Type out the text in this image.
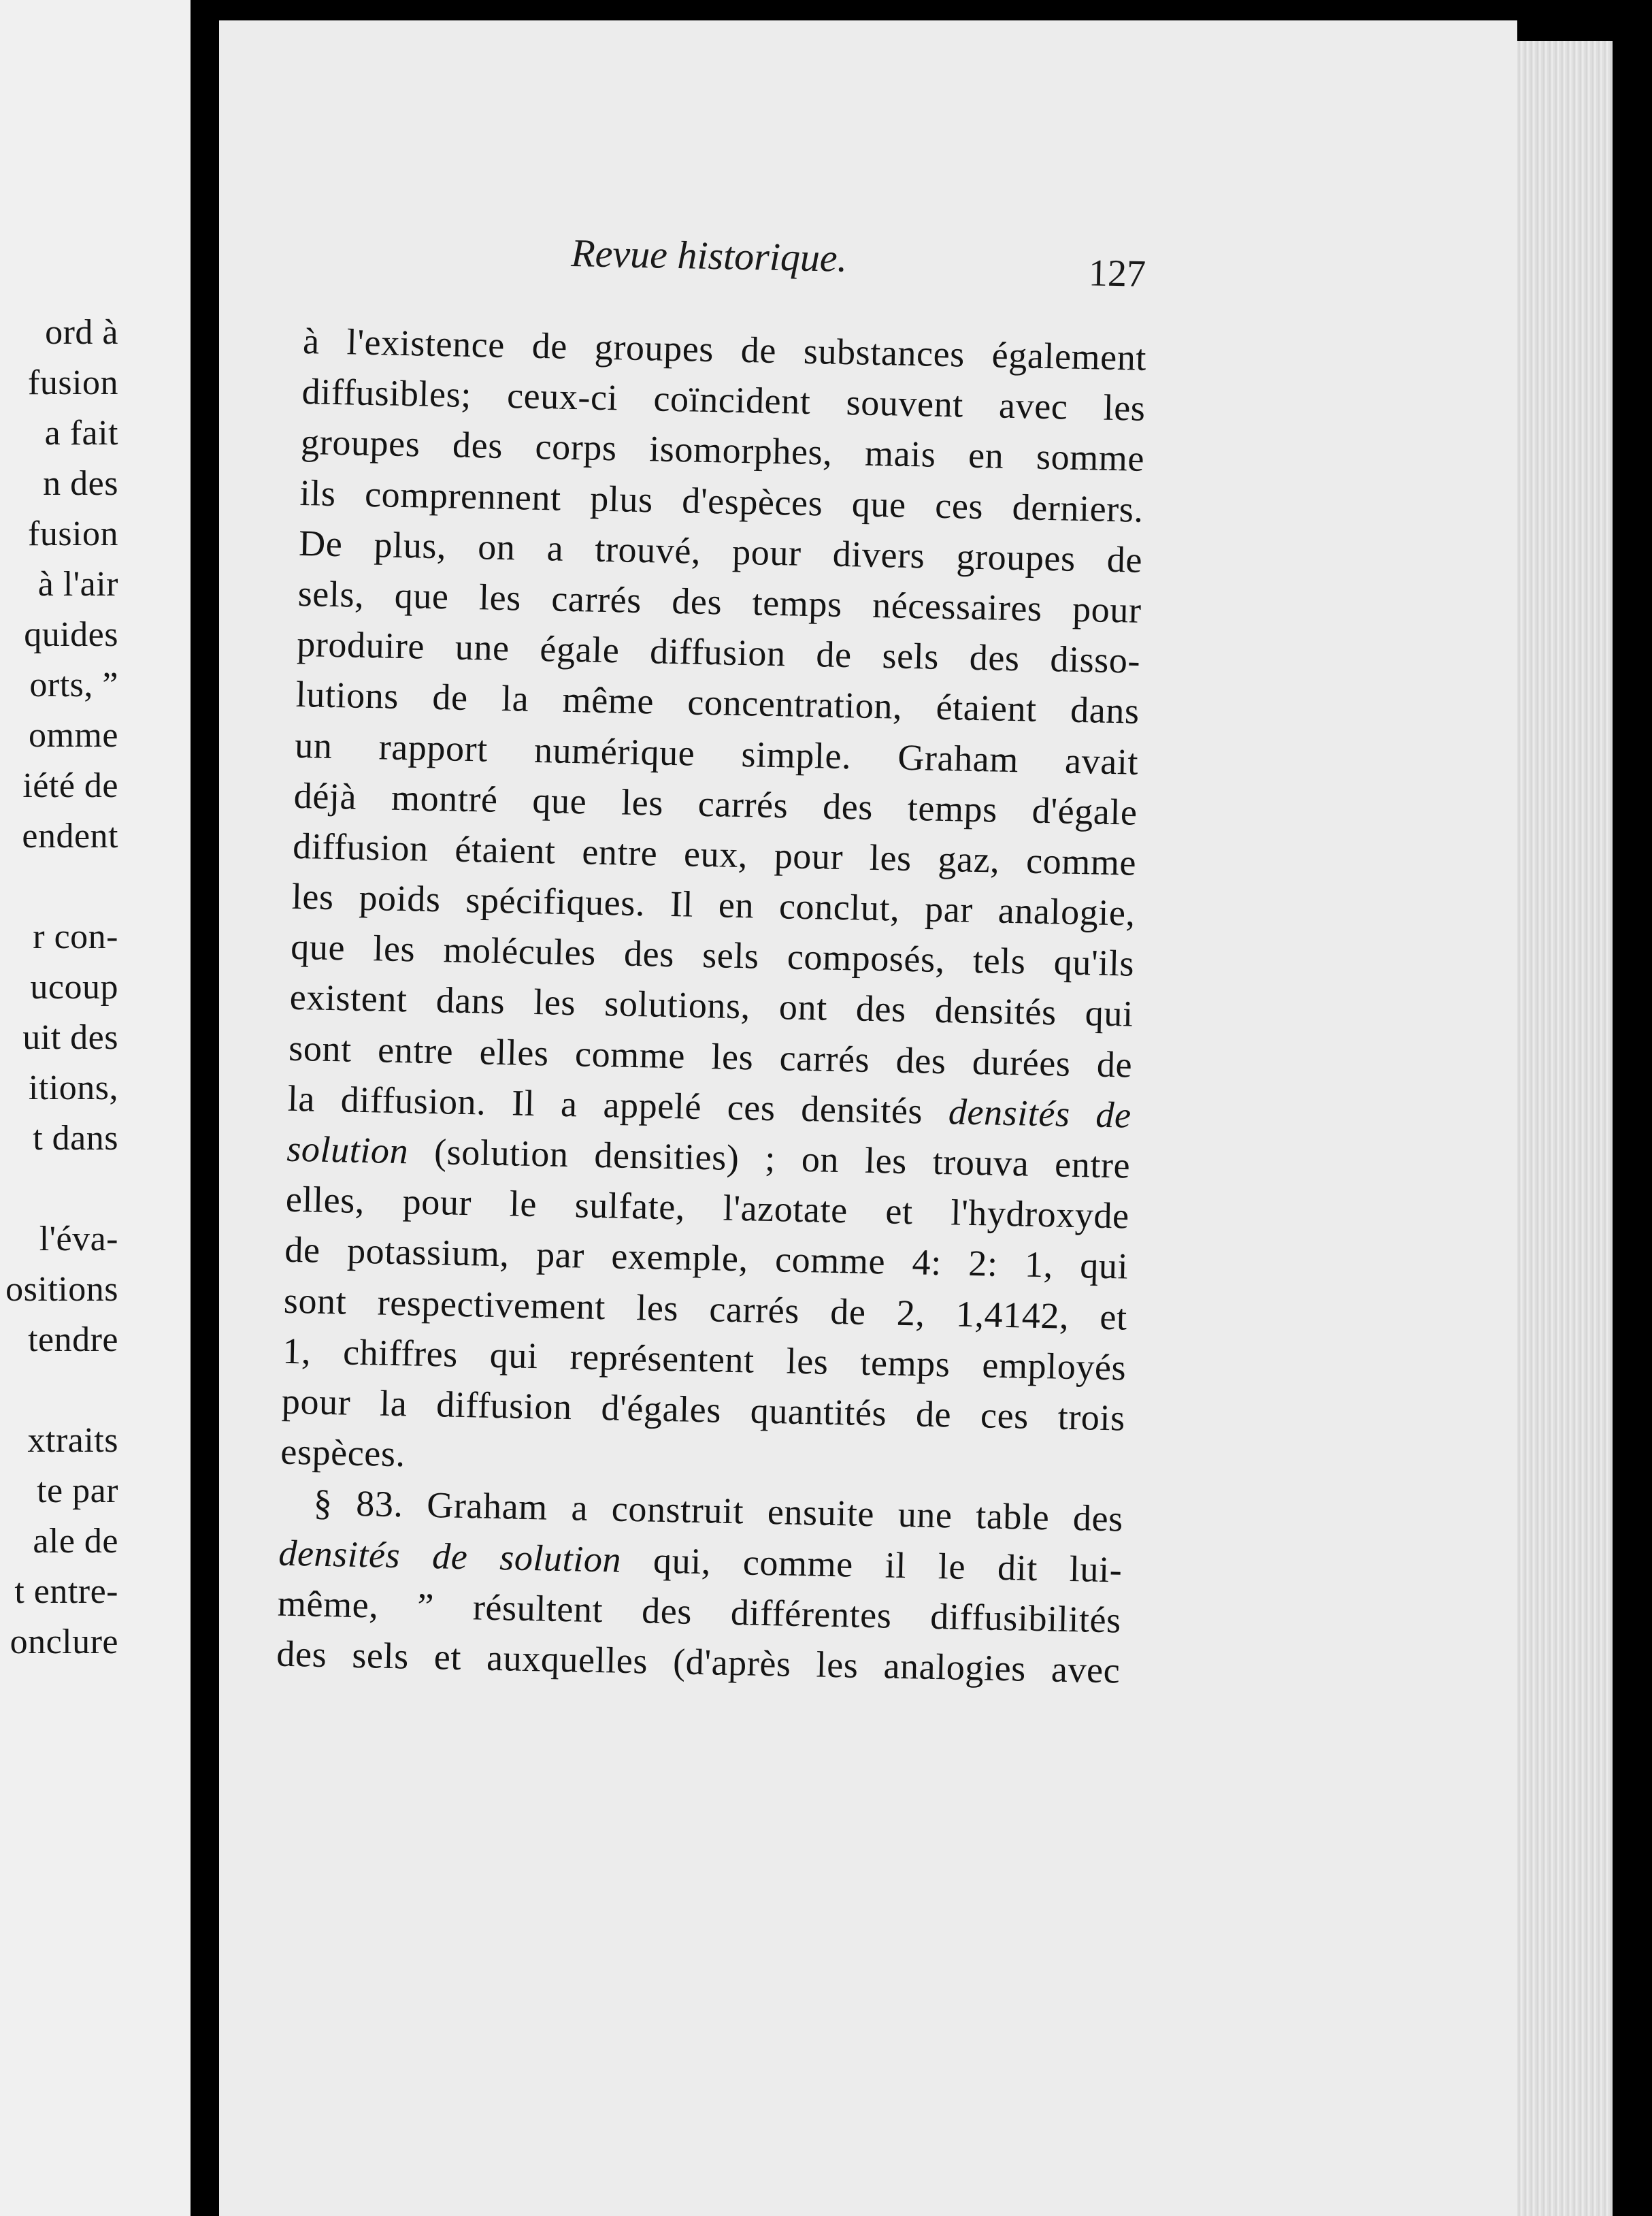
ord à
fusion
a fait
n des
fusion
à l'air
quides
orts, ”
omme
iété de
endent
r con-
ucoup
uit des
itions,
t dans
l'éva-
ositions
tendre
xtraits
te par
ale de
t entre-
onclure
Revue historique.	127
à l'existence de groupes de substances également
diffusibles; ceux-ci coïncident souvent avec les
groupes des corps isomorphes, mais en somme
ils comprennent plus d'espèces que ces derniers.
De plus, on a trouvé, pour divers groupes de
sels, que les carrés des temps nécessaires pour
produire une égale diffusion de sels des disso-
lutions de la même concentration, étaient dans
un rapport numérique simple. Graham avait
déjà montré que les carrés des temps d'égale
diffusion étaient entre eux, pour les gaz, comme
les poids spécifiques. Il en conclut, par analogie,
que les molécules des sels composés, tels qu'ils
existent dans les solutions, ont des densités qui
sont entre elles comme les carrés des durées de
la diffusion. Il a appelé ces densités densités de
solution (solution densities) ; on les trouva entre
elles, pour le sulfate, l'azotate et l'hydroxyde
de potassium, par exemple, comme 4: 2: 1, qui
sont respectivement les carrés de 2, 1,4142, et
1, chiffres qui représentent les temps employés
pour la diffusion d'égales quantités de ces trois
espèces.
§ 83. Graham a construit ensuite une table des
densités de solution qui, comme il le dit lui-
même, ” résultent des différentes diffusibilités
des sels et auxquelles (d'après les analogies avec
